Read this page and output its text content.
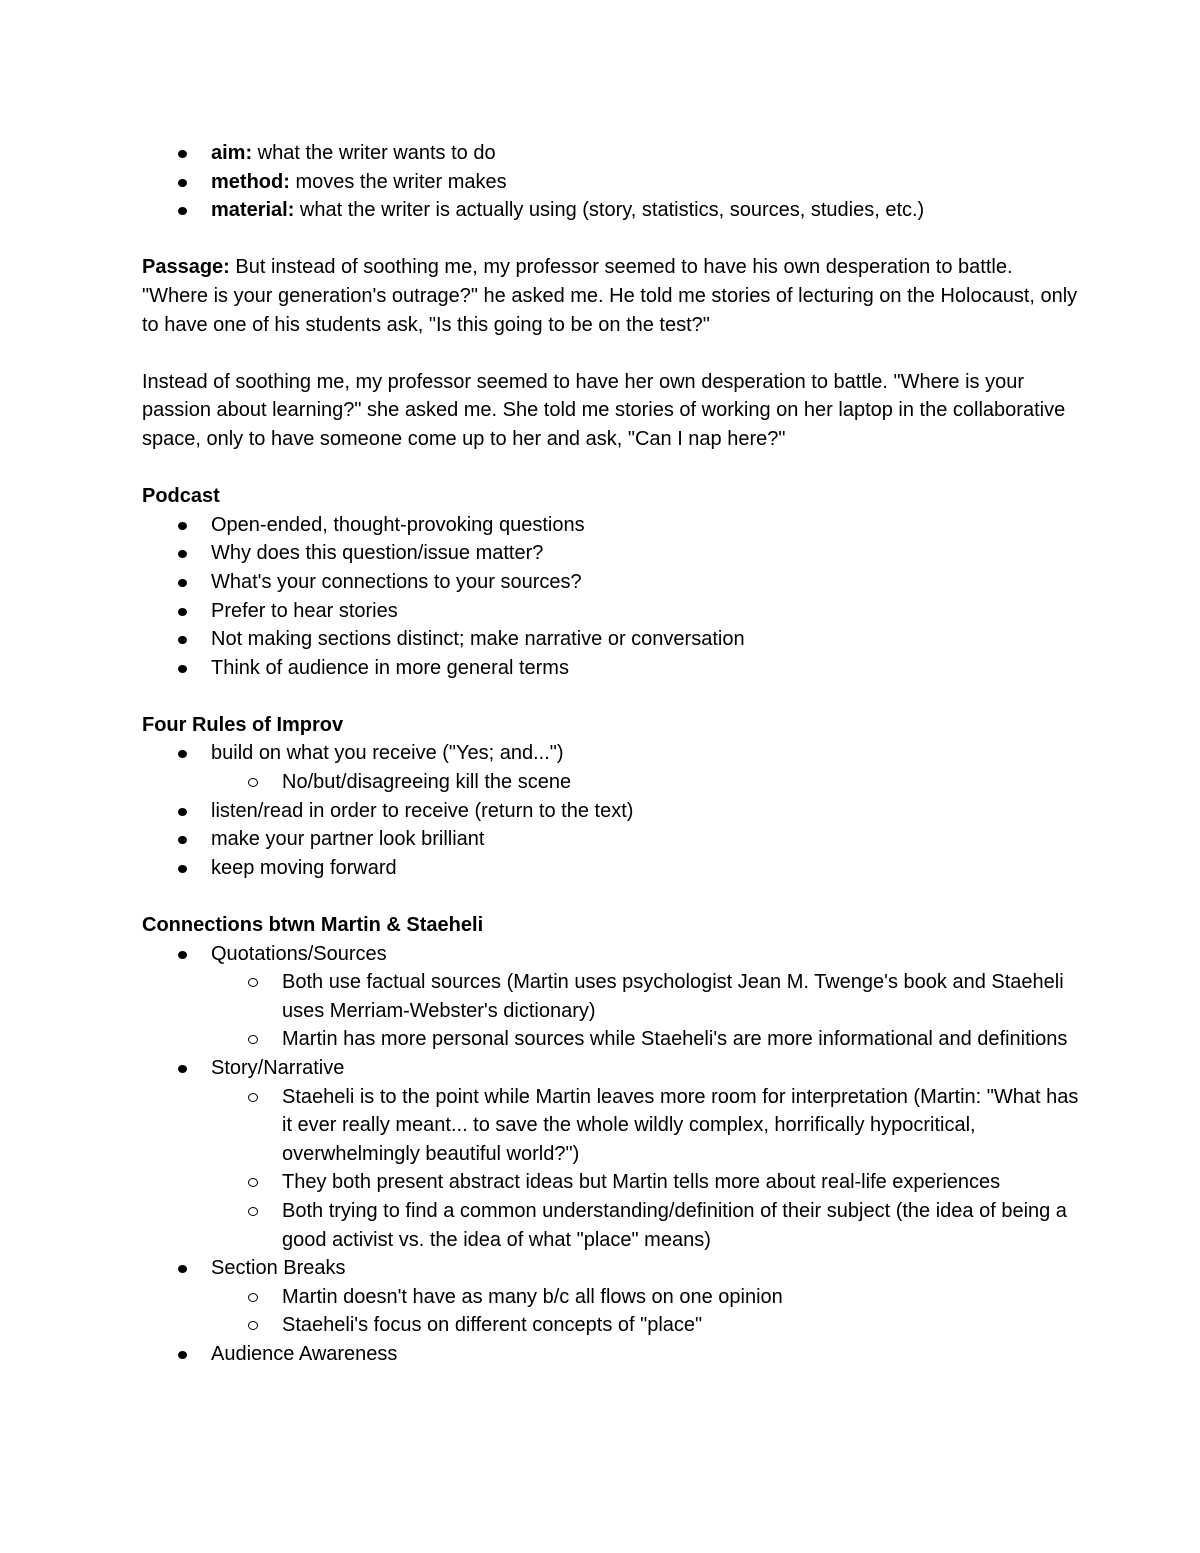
aim: what the writer wants to do
method: moves the writer makes
material: what the writer is actually using (story, statistics, sources, studies, etc.)

Passage: But instead of soothing me, my professor seemed to have his own desperation to battle. "Where is your generation's outrage?" he asked me. He told me stories of lecturing on the Holocaust, only to have one of his students ask, "Is this going to be on the test?"

Instead of soothing me, my professor seemed to have her own desperation to battle. "Where is your passion about learning?" she asked me. She told me stories of working on her laptop in the collaborative space, only to have someone come up to her and ask, "Can I nap here?"

Podcast

Open-ended, thought-provoking questions
Why does this question/issue matter?
What's your connections to your sources?
Prefer to hear stories
Not making sections distinct; make narrative or conversation
Think of audience in more general terms

Four Rules of Improv

build on what you receive ("Yes; and...")
No/but/disagreeing kill the scene
listen/read in order to receive (return to the text)
make your partner look brilliant
keep moving forward

Connections btwn Martin & Staeheli

Quotations/Sources
Both use factual sources (Martin uses psychologist Jean M. Twenge's book and Staeheli uses Merriam-Webster's dictionary)
Martin has more personal sources while Staeheli's are more informational and definitions
Story/Narrative
Staeheli is to the point while Martin leaves more room for interpretation (Martin: "What has it ever really meant... to save the whole wildly complex, horrifically hypocritical, overwhelmingly beautiful world?")
They both present abstract ideas but Martin tells more about real-life experiences
Both trying to find a common understanding/definition of their subject (the idea of being a good activist vs. the idea of what "place" means)
Section Breaks
Martin doesn't have as many b/c all flows on one opinion
Staeheli's focus on different concepts of "place"
Audience Awareness
